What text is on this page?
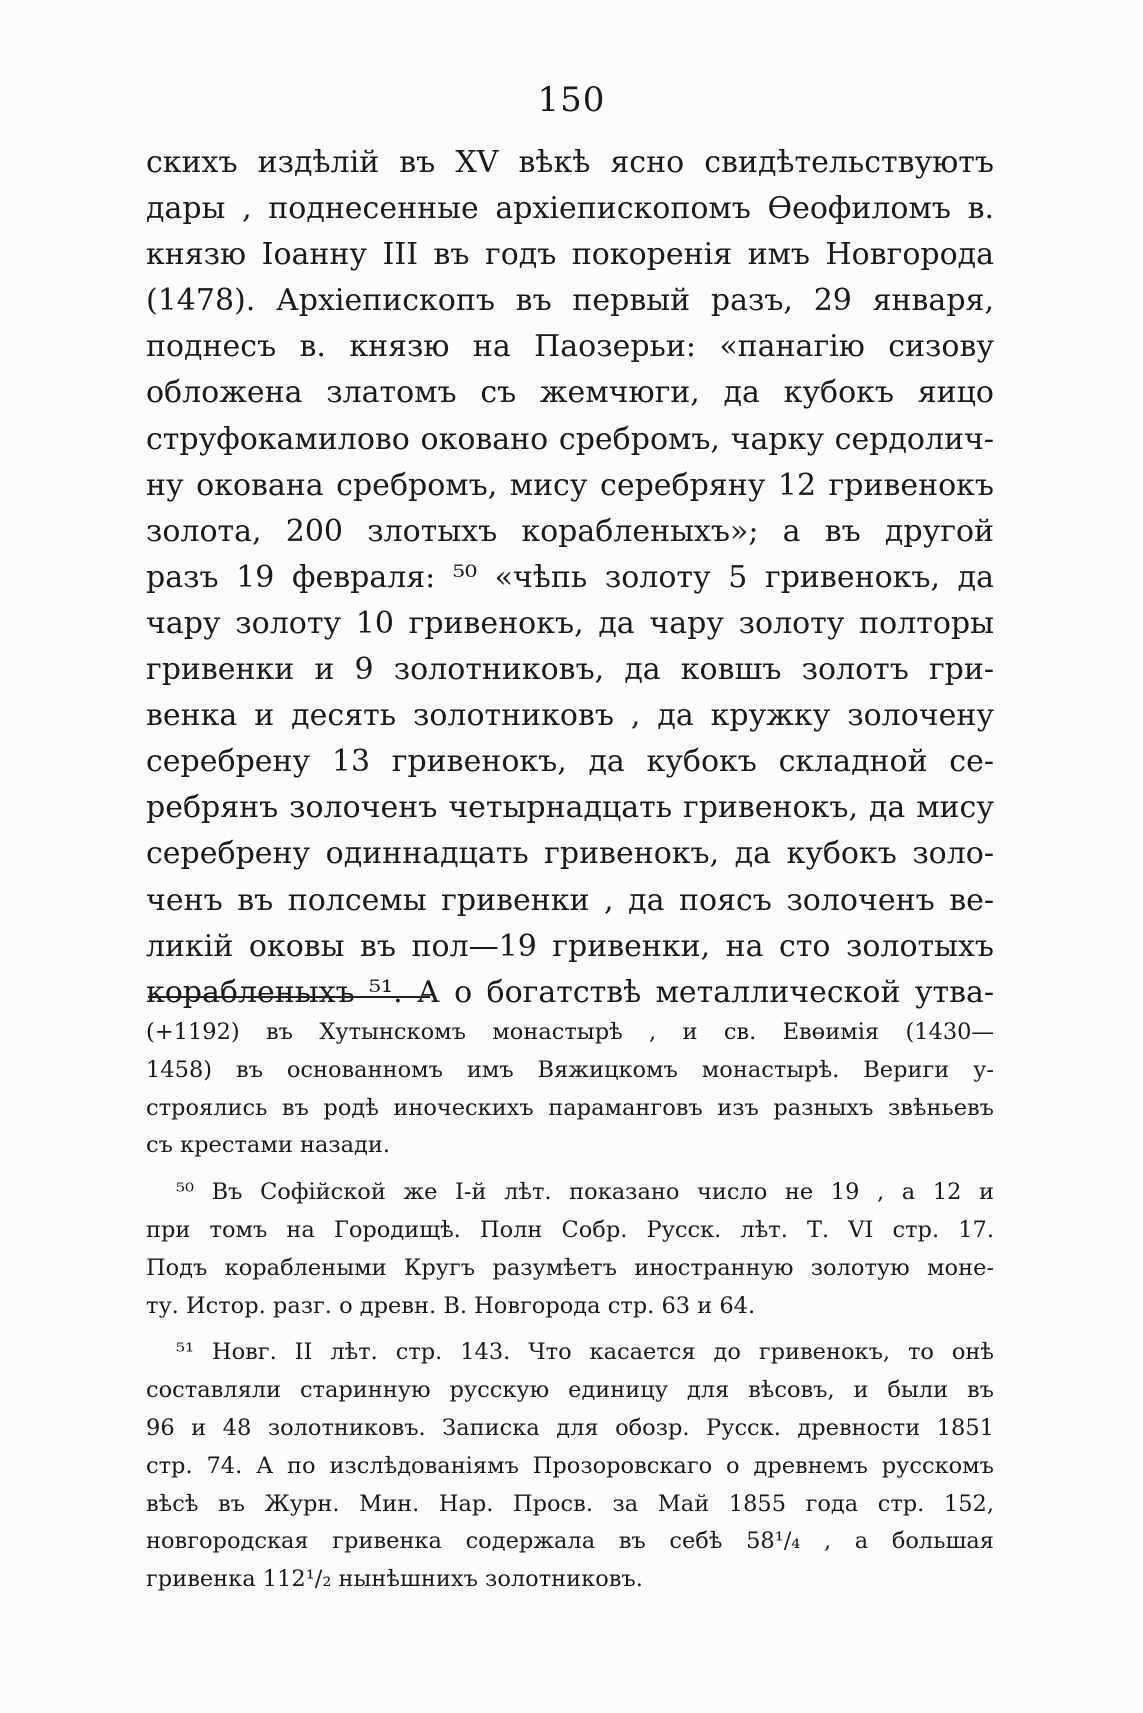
150
скихъ издѣлій въ XV вѣкѣ ясно свидѣтельствуютъ
дары , поднесенные архіепископомъ Өеофиломъ в.
князю Іоанну III въ годъ покоренія имъ Новгорода
(1478). Архіепископъ въ первый разъ, 29 января,
поднесъ в. князю на Паозерьи: «панагію сизову
обложена златомъ съ жемчюги, да кубокъ яицо
струфокамилово оковано сребромъ, чарку сердолич-
ну окована сребромъ, мису серебряну 12 гривенокъ
золота, 200 злотыхъ корабленыхъ»; а въ другой
разъ 19 февраля: ⁵⁰ «чѣпь золоту 5 гривенокъ, да
чару золоту 10 гривенокъ, да чару золоту полторы
гривенки и 9 золотниковъ, да ковшъ золотъ гри-
венка и десять золотниковъ , да кружку золочену
серебрену 13 гривенокъ, да кубокъ складной се-
ребрянъ золоченъ четырнадцать гривенокъ, да мису
серебрену одиннадцать гривенокъ, да кубокъ золо-
ченъ въ полсемы гривенки , да поясъ золоченъ ве-
ликій оковы въ пол—19 гривенки, на сто золотыхъ
корабленыхъ ⁵¹. А о богатствѣ металлической утва-
(+1192) въ Хутынскомъ монастырѣ , и св. Евөимія (1430—
1458) въ основанномъ имъ Вяжицкомъ монастырѣ. Вериги у-
строялись въ родѣ иноческихъ параманговъ изъ разныхъ звѣньевъ
съ крестами назади.
⁵⁰ Въ Софійской же I-й лѣт. показано число не 19 , а 12 и
при томъ на Городищѣ. Полн Собр. Русск. лѣт. Т. VI стр. 17.
Подъ кораблеными Кругъ разумѣетъ иностранную золотую моне-
ту. Истор. разг. о древн. В. Новгорода стр. 63 и 64.
⁵¹ Новг. II лѣт. стр. 143. Что касается до гривенокъ, то онѣ
составляли старинную русскую единицу для вѣсовъ, и были въ
96 и 48 золотниковъ. Записка для обозр. Русск. древности 1851
стр. 74. А по изслѣдованіямъ Прозоровскаго о древнемъ русскомъ
вѣсѣ въ Журн. Мин. Нар. Просв. за Май 1855 года стр. 152,
новгородская гривенка содержала въ себѣ 58¹/₄ , а большая
гривенка 112¹/₂ нынѣшнихъ золотниковъ.
